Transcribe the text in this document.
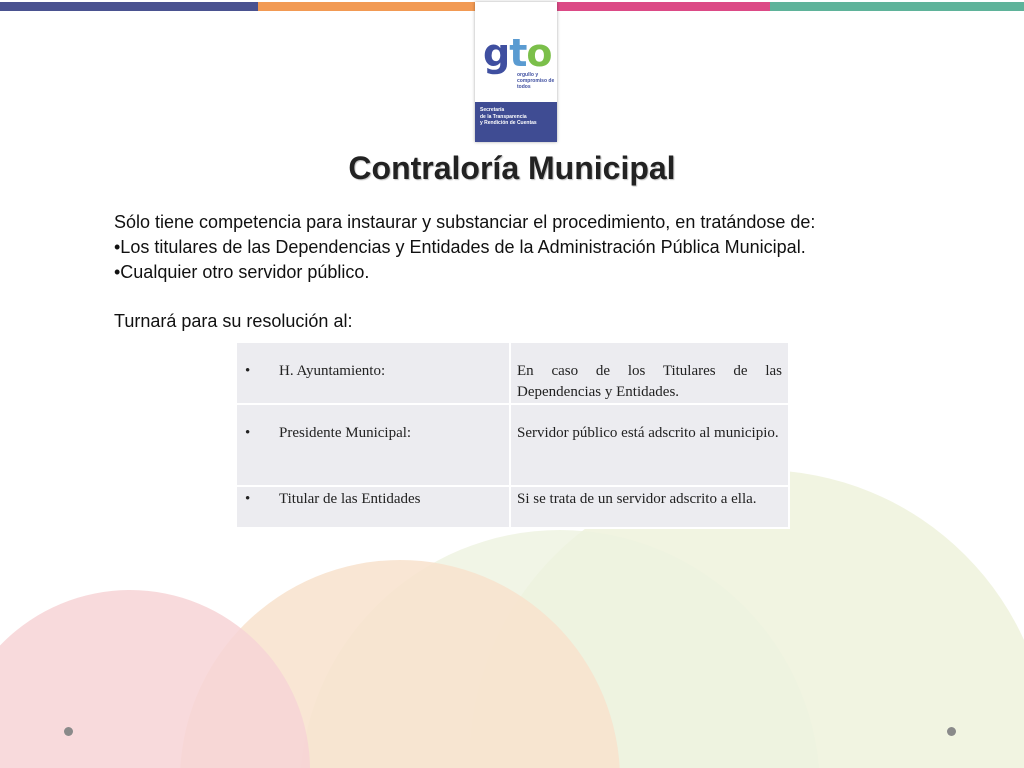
gto
orgullo y compromiso de todos
Secretaría
de la Transparencia
y Rendición de Cuentas
Contraloría Municipal

Sólo tiene competencia para instaurar y substanciar el procedimiento, en tratándose de:

•Los titulares de las Dependencias y Entidades de la Administración Pública Municipal.

•Cualquier otro servidor público.

Turnará para su resolución al:

• H. Ayuntamiento:	En caso de los Titulares de las Dependencias y Entidades.
• Presidente Municipal:	Servidor público está adscrito al municipio.
• Titular de las Entidades	Si se trata de un servidor adscrito a ella.
